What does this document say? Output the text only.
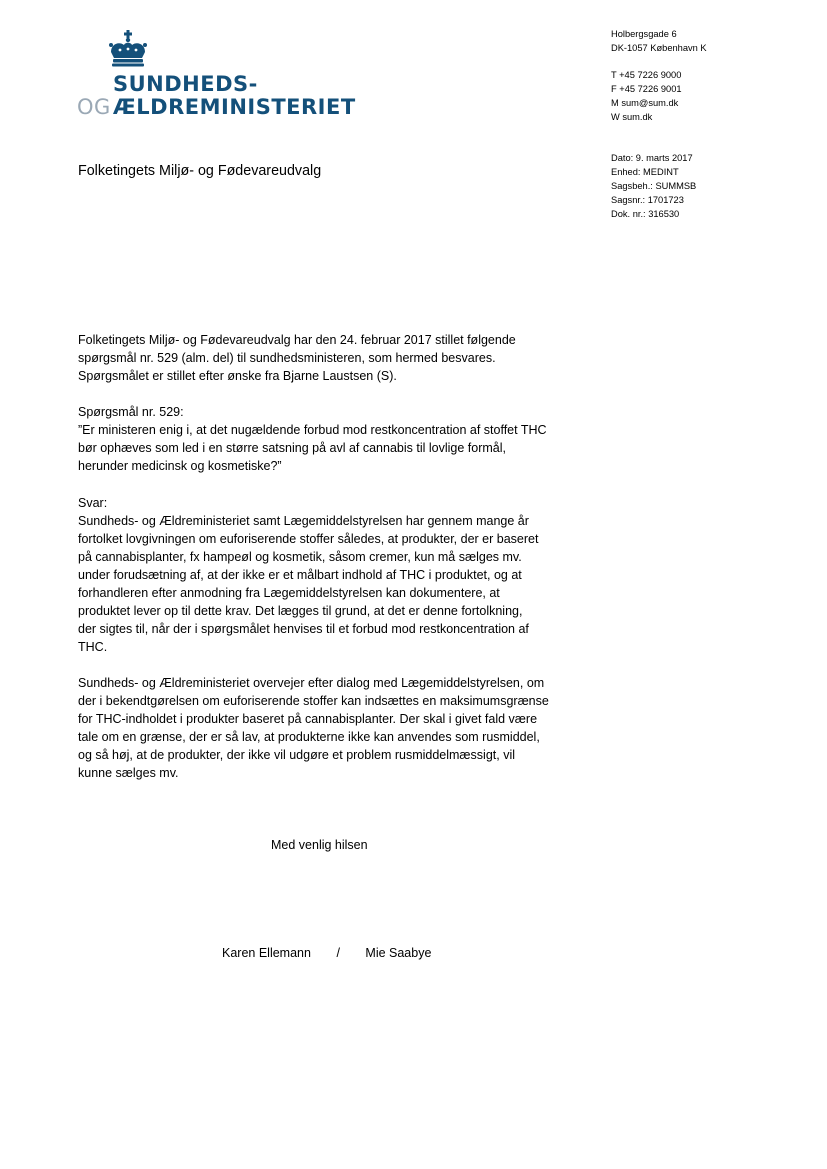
SUNDHEDS-
OG ÆLDREMINISTERIET
Holbergsgade 6
DK-1057 København K
T +45 7226 9000
F +45 7226 9001
M sum@sum.dk
W sum.dk
Dato: 9. marts 2017
Enhed: MEDINT
Sagsbeh.: SUMMSB
Sagsnr.: 1701723
Dok. nr.: 316530
Folketingets Miljø- og Fødevareudvalg
Folketingets Miljø- og Fødevareudvalg har den 24. februar 2017 stillet følgende
spørgsmål nr. 529 (alm. del) til sundhedsministeren, som hermed besvares.
Spørgsmålet er stillet efter ønske fra Bjarne Laustsen (S).
Spørgsmål nr. 529:
”Er ministeren enig i, at det nugældende forbud mod restkoncentration af stoffet THC
bør ophæves som led i en større satsning på avl af cannabis til lovlige formål,
herunder medicinsk og kosmetiske?”
Svar:
Sundheds- og Ældreministeriet samt Lægemiddelstyrelsen har gennem mange år
fortolket lovgivningen om euforiserende stoffer således, at produkter, der er baseret
på cannabisplanter, fx hampeøl og kosmetik, såsom cremer, kun må sælges mv.
under forudsætning af, at der ikke er et målbart indhold af THC i produktet, og at
forhandleren efter anmodning fra Lægemiddelstyrelsen kan dokumentere, at
produktet lever op til dette krav. Det lægges til grund, at det er denne fortolkning,
der sigtes til, når der i spørgsmålet henvises til et forbud mod restkoncentration af
THC.
Sundheds- og Ældreministeriet overvejer efter dialog med Lægemiddelstyrelsen, om
der i bekendtgørelsen om euforiserende stoffer kan indsættes en maksimumsgrænse
for THC-indholdet i produkter baseret på cannabisplanter. Der skal i givet fald være
tale om en grænse, der er så lav, at produkterne ikke kan anvendes som rusmiddel,
og så høj, at de produkter, der ikke vil udgøre et problem rusmiddelmæssigt, vil
kunne sælges mv.
Med venlig hilsen
Karen Ellemann / Mie Saabye
